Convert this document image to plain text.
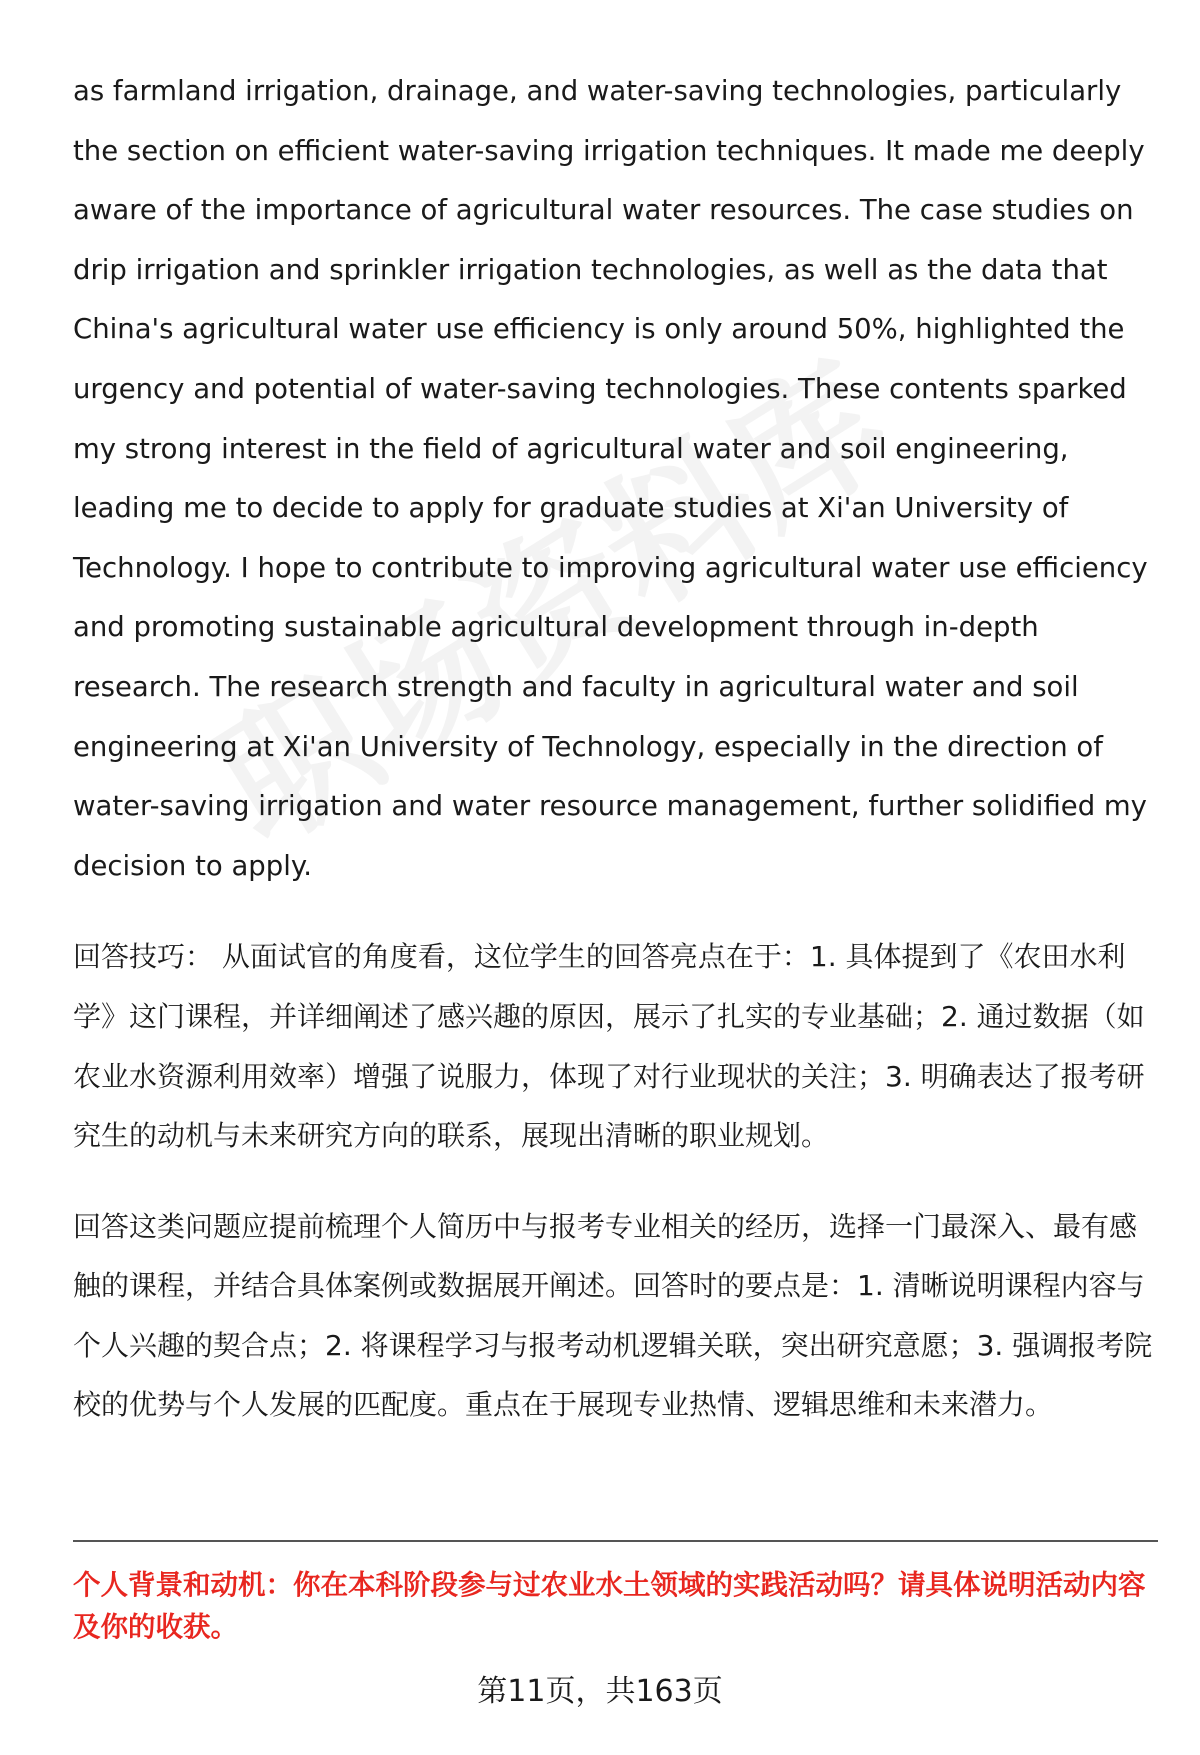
as farmland irrigation, drainage, and water-saving technologies, particularly the section on efficient water-saving irrigation techniques. It made me deeply aware of the importance of agricultural water resources. The case studies on drip irrigation and sprinkler irrigation technologies, as well as the data that China's agricultural water use efficiency is only around 50%, highlighted the urgency and potential of water-saving technologies. These contents sparked my strong interest in the field of agricultural water and soil engineering, leading me to decide to apply for graduate studies at Xi'an University of Technology. I hope to contribute to improving agricultural water use efficiency and promoting sustainable agricultural development through in-depth research. The research strength and faculty in agricultural water and soil engineering at Xi'an University of Technology, especially in the direction of water-saving irrigation and water resource management, further solidified my decision to apply.

回答技巧： 从面试官的角度看，这位学生的回答亮点在于：1. 具体提到了《农田水利学》这门课程，并详细阐述了感兴趣的原因，展示了扎实的专业基础；2. 通过数据（如农业水资源利用效率）增强了说服力，体现了对行业现状的关注；3. 明确表达了报考研究生的动机与未来研究方向的联系，展现出清晰的职业规划。

回答这类问题应提前梳理个人简历中与报考专业相关的经历，选择一门最深入、最有感触的课程，并结合具体案例或数据展开阐述。回答时的要点是：1. 清晰说明课程内容与个人兴趣的契合点；2. 将课程学习与报考动机逻辑关联，突出研究意愿；3. 强调报考院校的优势与个人发展的匹配度。重点在于展现专业热情、逻辑思维和未来潜力。

个人背景和动机：你在本科阶段参与过农业水土领域的实践活动吗？请具体说明活动内容及你的收获。

第11页，共163页
